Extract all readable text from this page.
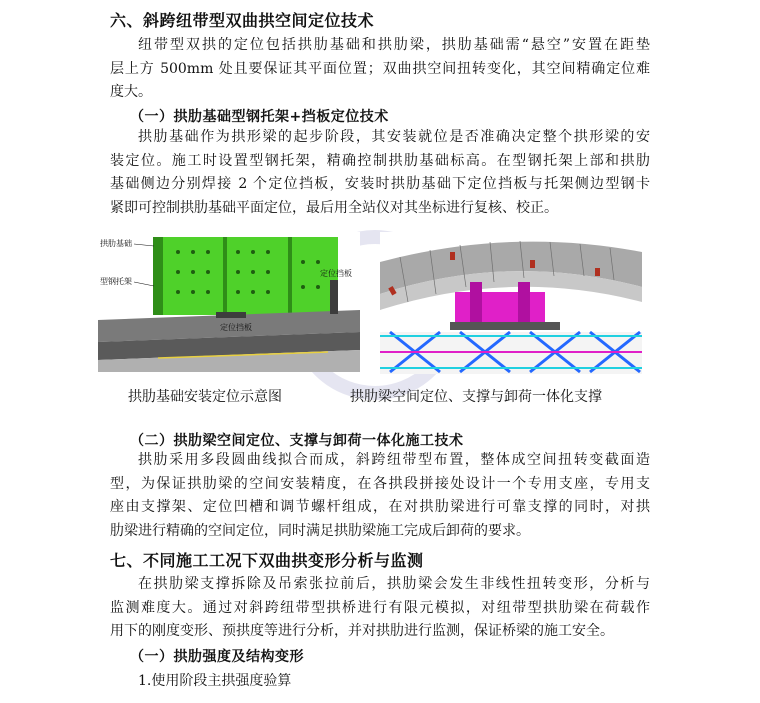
六、斜跨纽带型双曲拱空间定位技术
纽带型双拱的定位包括拱肋基础和拱肋梁，拱肋基础需“悬空”安置在距垫
层上方 500mm 处且要保证其平面位置；双曲拱空间扭转变化，其空间精确定位难
度大。
（一）拱肋基础型钢托架+挡板定位技术
拱肋基础作为拱形梁的起步阶段，其安装就位是否准确决定整个拱形梁的安
装定位。施工时设置型钢托架，精确控制拱肋基础标高。在型钢托架上部和拱肋
基础侧边分别焊接 2 个定位挡板，安装时拱肋基础下定位挡板与托架侧边型钢卡
紧即可控制拱肋基础平面定位，最后用全站仪对其坐标进行复核、校正。
拱肋基础
型钢托架
定位挡板
定位挡板
拱肋基础安装定位示意图	拱肋梁空间定位、支撑与卸荷一体化支撑
（二）拱肋梁空间定位、支撑与卸荷一体化施工技术
拱肋采用多段圆曲线拟合而成，斜跨纽带型布置，整体成空间扭转变截面造
型，为保证拱肋梁的空间安装精度，在各拱段拼接处设计一个专用支座，专用支
座由支撑架、定位凹槽和调节螺杆组成，在对拱肋梁进行可靠支撑的同时，对拱
肋梁进行精确的空间定位，同时满足拱肋梁施工完成后卸荷的要求。
七、不同施工工况下双曲拱变形分析与监测
在拱肋梁支撑拆除及吊索张拉前后，拱肋梁会发生非线性扭转变形，分析与
监测难度大。通过对斜跨纽带型拱桥进行有限元模拟，对纽带型拱肋梁在荷载作
用下的刚度变形、预拱度等进行分析，并对拱肋进行监测，保证桥梁的施工安全。
（一）拱肋强度及结构变形
1.使用阶段主拱强度验算
